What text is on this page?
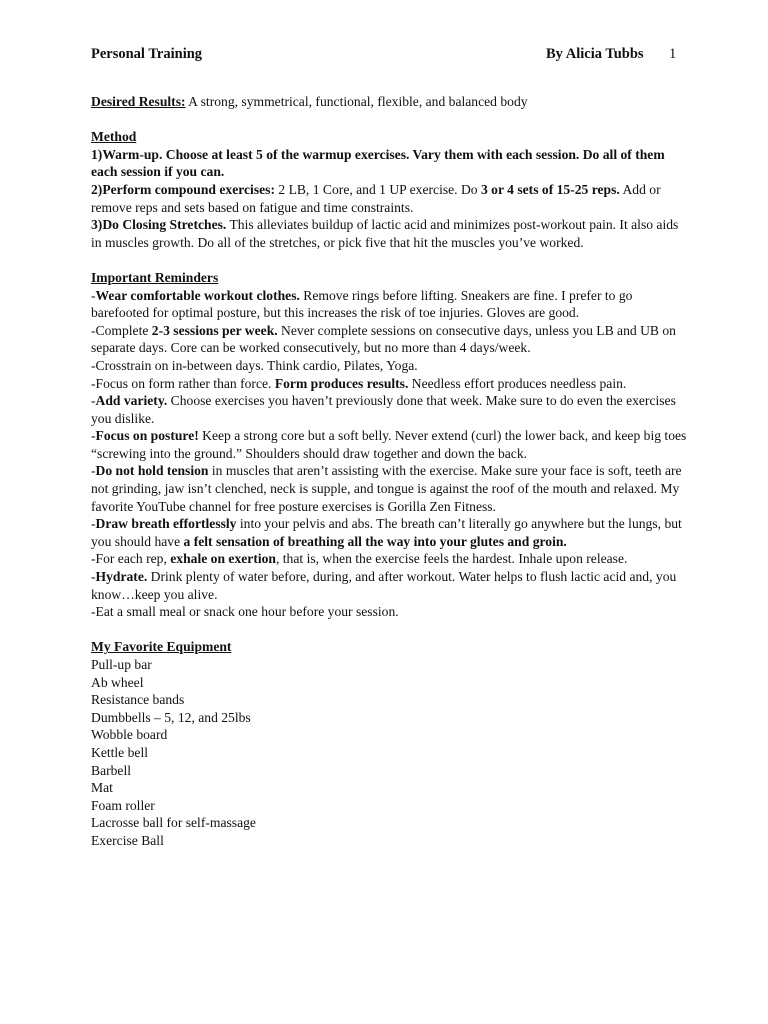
Personal Training	By Alicia Tubbs 1

Desired Results: A strong, symmetrical, functional, flexible, and balanced body

Method

1)Warm-up. Choose at least 5 of the warmup exercises. Vary them with each session. Do all of them each session if you can.

2)Perform compound exercises: 2 LB, 1 Core, and 1 UP exercise. Do 3 or 4 sets of 15-25 reps. Add or remove reps and sets based on fatigue and time constraints.

3)Do Closing Stretches. This alleviates buildup of lactic acid and minimizes post-workout pain. It also aids in muscles growth. Do all of the stretches, or pick five that hit the muscles you’ve worked.

Important Reminders

-Wear comfortable workout clothes. Remove rings before lifting. Sneakers are fine. I prefer to go barefooted for optimal posture, but this increases the risk of toe injuries. Gloves are good.

-Complete 2-3 sessions per week. Never complete sessions on consecutive days, unless you LB and UB on separate days. Core can be worked consecutively, but no more than 4 days/week.

-Crosstrain on in-between days. Think cardio, Pilates, Yoga.

-Focus on form rather than force. Form produces results. Needless effort produces needless pain.

-Add variety. Choose exercises you haven’t previously done that week. Make sure to do even the exercises you dislike.

-Focus on posture! Keep a strong core but a soft belly. Never extend (curl) the lower back, and keep big toes “screwing into the ground.” Shoulders should draw together and down the back.

-Do not hold tension in muscles that aren’t assisting with the exercise. Make sure your face is soft, teeth are not grinding, jaw isn’t clenched, neck is supple, and tongue is against the roof of the mouth and relaxed. My favorite YouTube channel for free posture exercises is Gorilla Zen Fitness.

-Draw breath effortlessly into your pelvis and abs. The breath can’t literally go anywhere but the lungs, but you should have a felt sensation of breathing all the way into your glutes and groin.

-For each rep, exhale on exertion, that is, when the exercise feels the hardest. Inhale upon release.

-Hydrate. Drink plenty of water before, during, and after workout. Water helps to flush lactic acid and, you know…keep you alive.

-Eat a small meal or snack one hour before your session.

My Favorite Equipment

Pull-up bar
Ab wheel
Resistance bands
Dumbbells – 5, 12, and 25lbs
Wobble board
Kettle bell
Barbell
Mat
Foam roller
Lacrosse ball for self-massage
Exercise Ball
